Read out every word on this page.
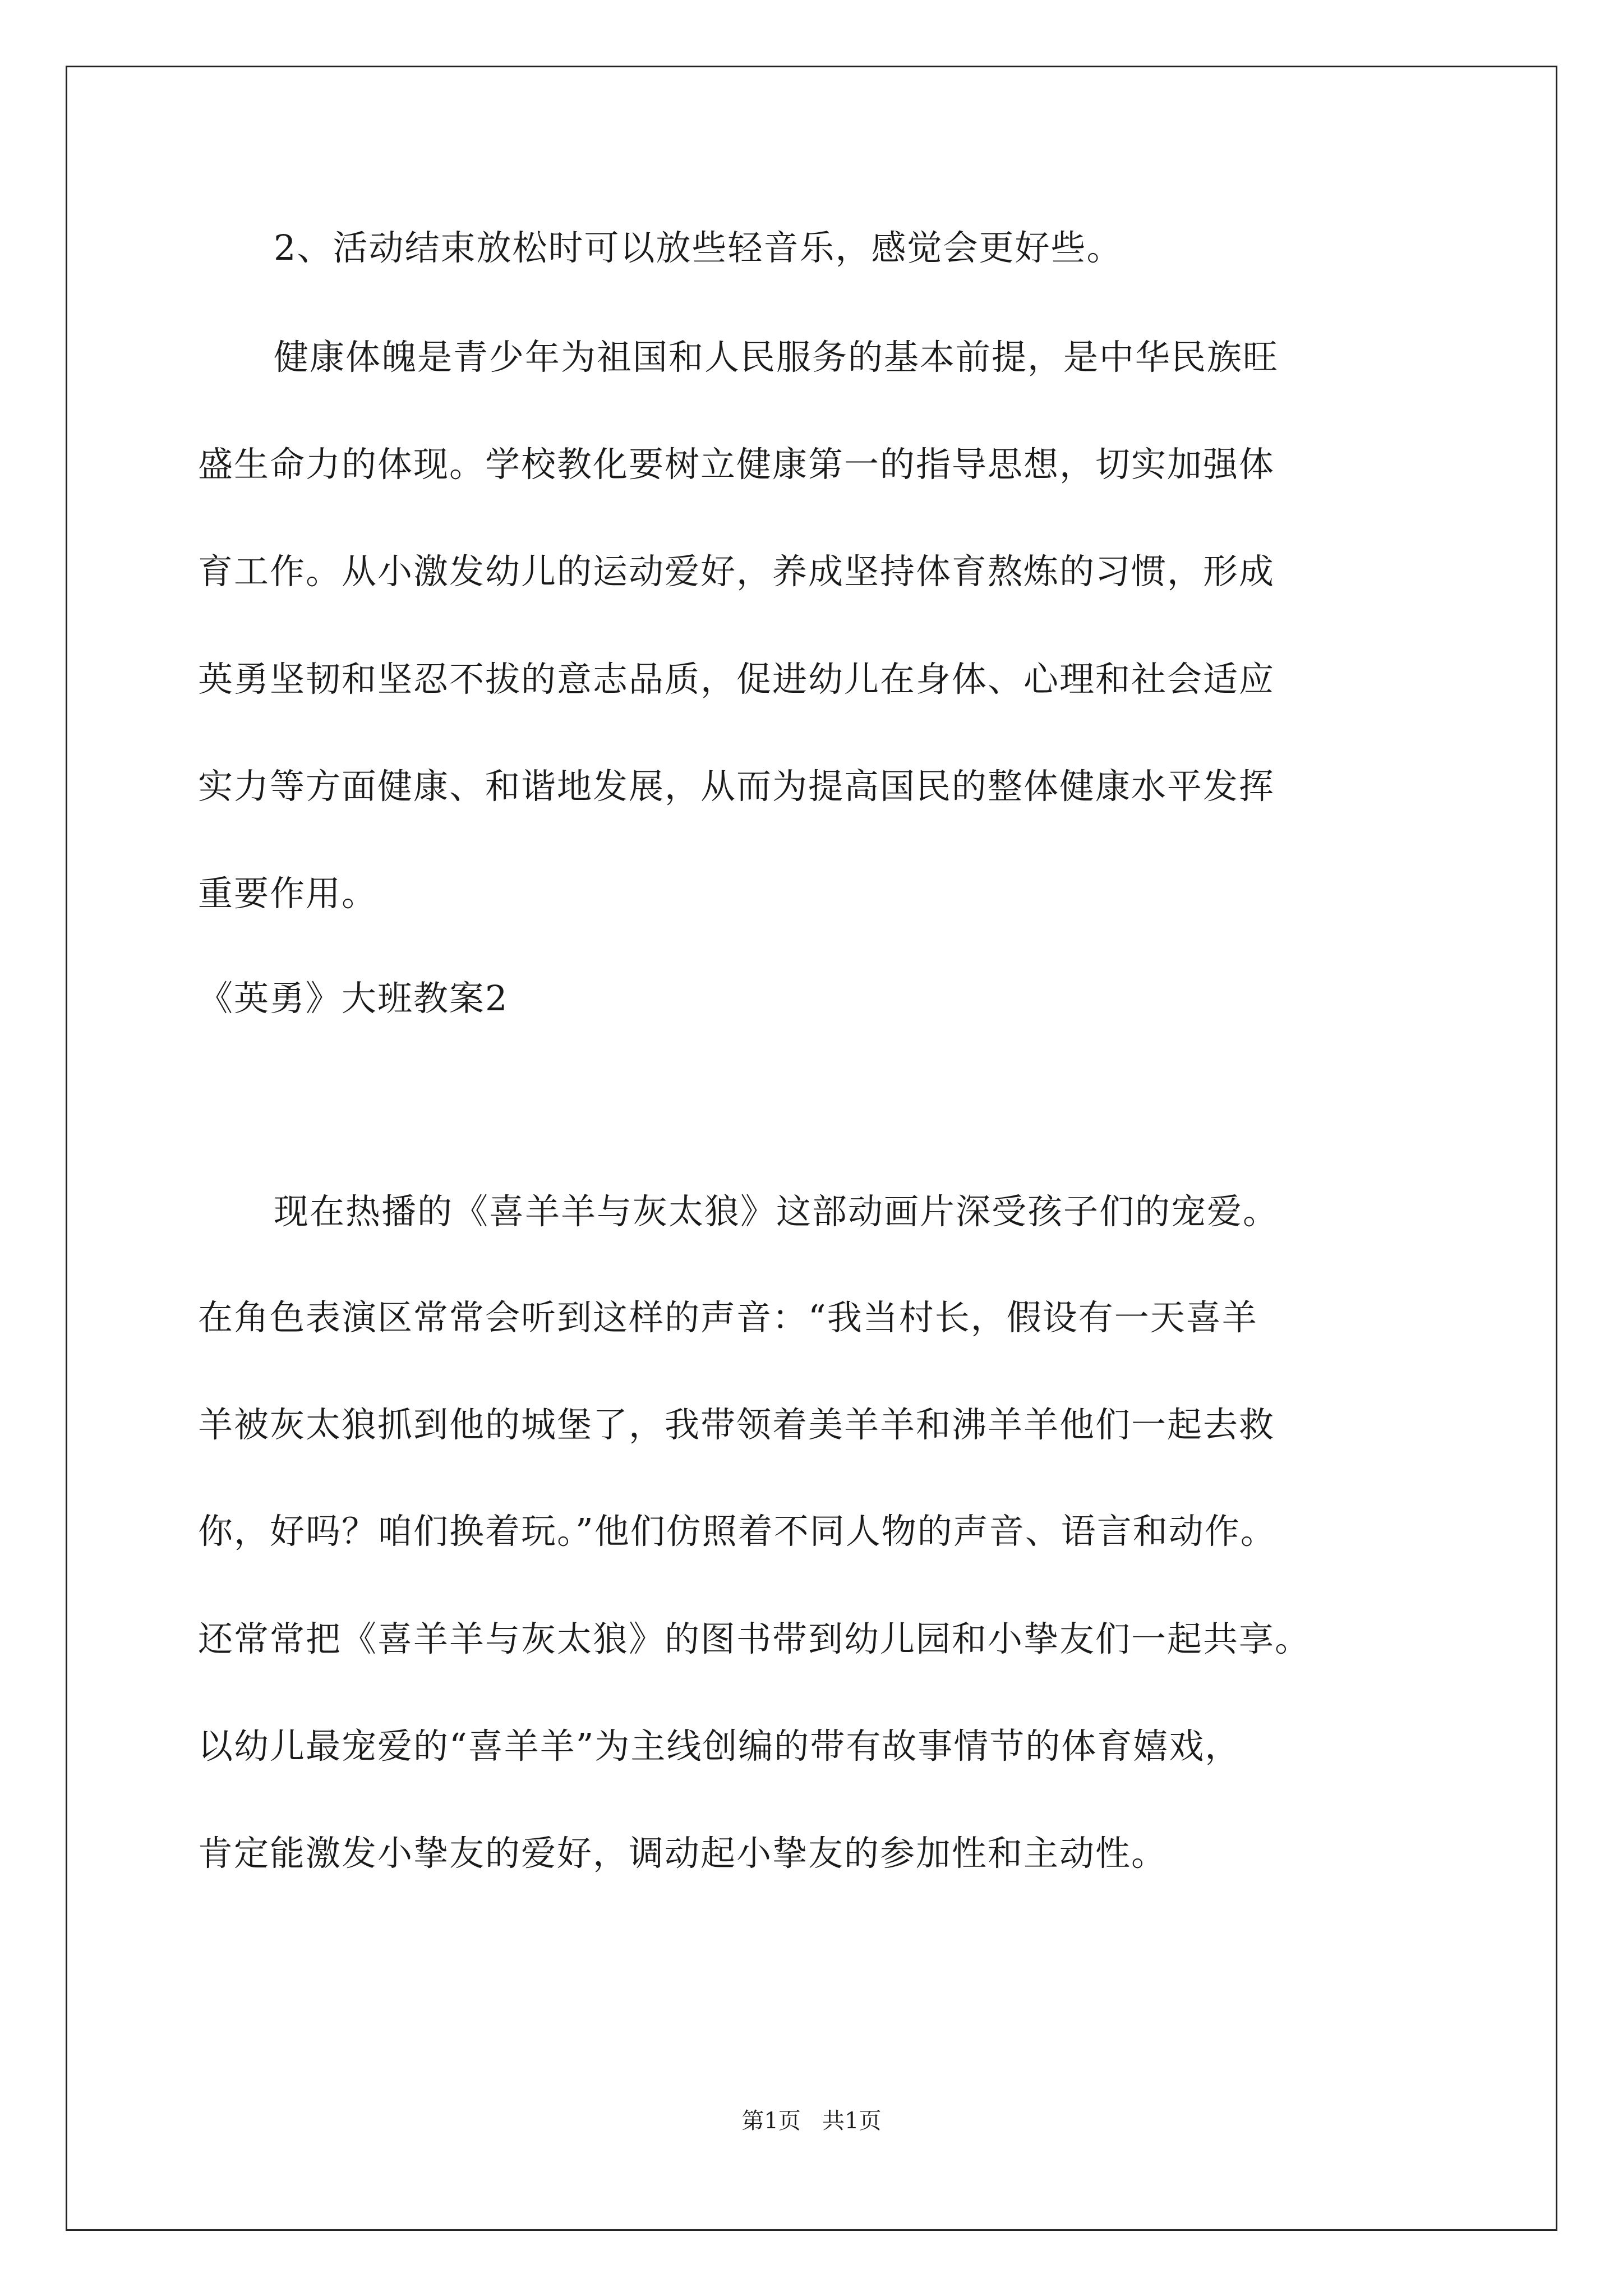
2、活动结束放松时可以放些轻音乐，感觉会更好些。

健康体魄是青少年为祖国和人民服务的基本前提，是中华民族旺

盛生命力的体现。学校教化要树立健康第一的指导思想，切实加强体

育工作。从小激发幼儿的运动爱好，养成坚持体育熬炼的习惯，形成

英勇坚韧和坚忍不拔的意志品质，促进幼儿在身体、心理和社会适应

实力等方面健康、和谐地发展，从而为提高国民的整体健康水平发挥

重要作用。

《英勇》大班教案2

现在热播的《喜羊羊与灰太狼》这部动画片深受孩子们的宠爱。

在角色表演区常常会听到这样的声音：“我当村长，假设有一天喜羊

羊被灰太狼抓到他的城堡了，我带领着美羊羊和沸羊羊他们一起去救

你，好吗？咱们换着玩。”他们仿照着不同人物的声音、语言和动作。

还常常把《喜羊羊与灰太狼》的图书带到幼儿园和小挚友们一起共享。

以幼儿最宠爱的“喜羊羊”为主线创编的带有故事情节的体育嬉戏，

肯定能激发小挚友的爱好，调动起小挚友的参加性和主动性。

第1页   共1页
